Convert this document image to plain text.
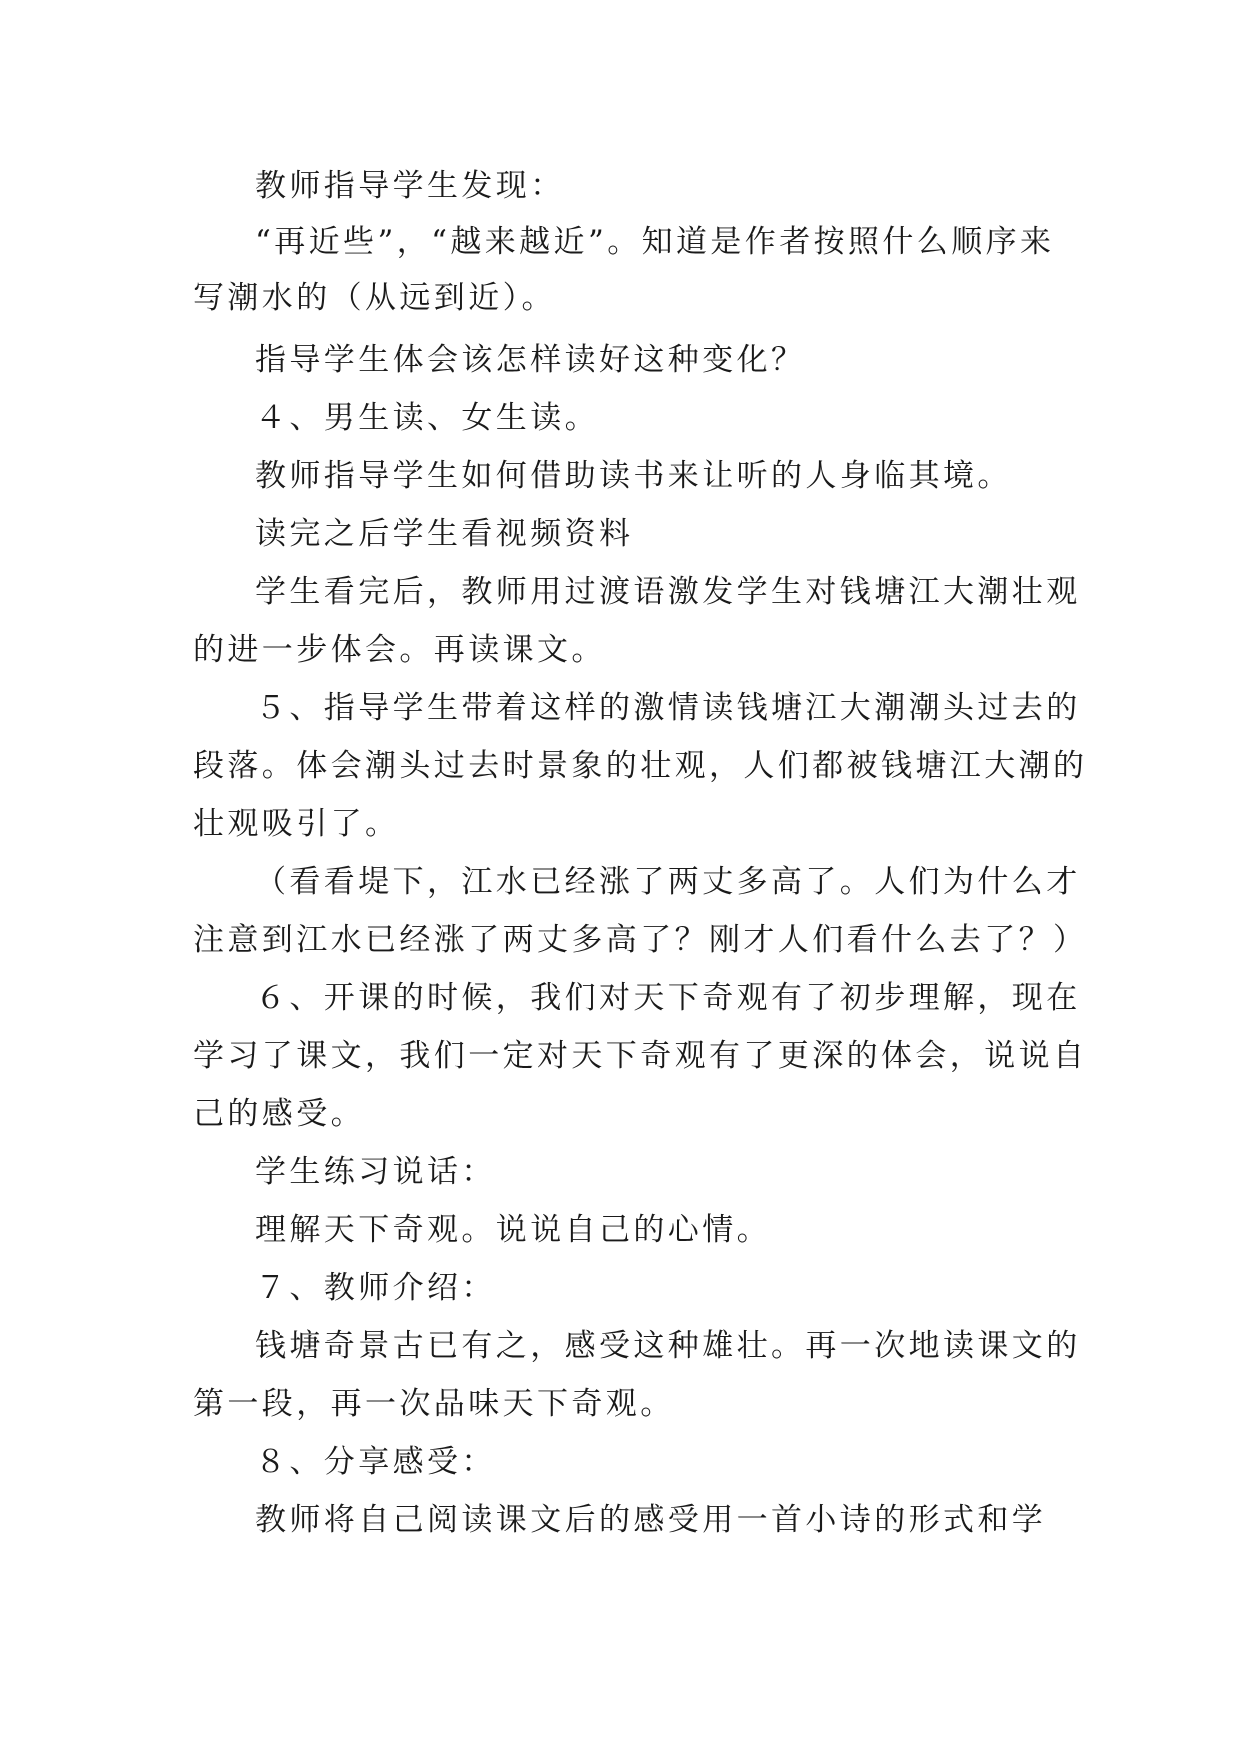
教师指导学生发现：
“再近些”，“越来越近”。知道是作者按照什么顺序来
写潮水的（从远到近）。
指导学生体会该怎样读好这种变化？
４、男生读、女生读。
教师指导学生如何借助读书来让听的人身临其境。
读完之后学生看视频资料
学生看完后，教师用过渡语激发学生对钱塘江大潮壮观
的进一步体会。再读课文。
５、指导学生带着这样的激情读钱塘江大潮潮头过去的
段落。体会潮头过去时景象的壮观，人们都被钱塘江大潮的
壮观吸引了。
（看看堤下，江水已经涨了两丈多高了。人们为什么才
注意到江水已经涨了两丈多高了？刚才人们看什么去了？）
６、开课的时候，我们对天下奇观有了初步理解，现在
学习了课文，我们一定对天下奇观有了更深的体会，说说自
己的感受。
学生练习说话：
理解天下奇观。说说自己的心情。
７、教师介绍：
钱塘奇景古已有之，感受这种雄壮。再一次地读课文的
第一段，再一次品味天下奇观。
８、分享感受：
教师将自己阅读课文后的感受用一首小诗的形式和学
